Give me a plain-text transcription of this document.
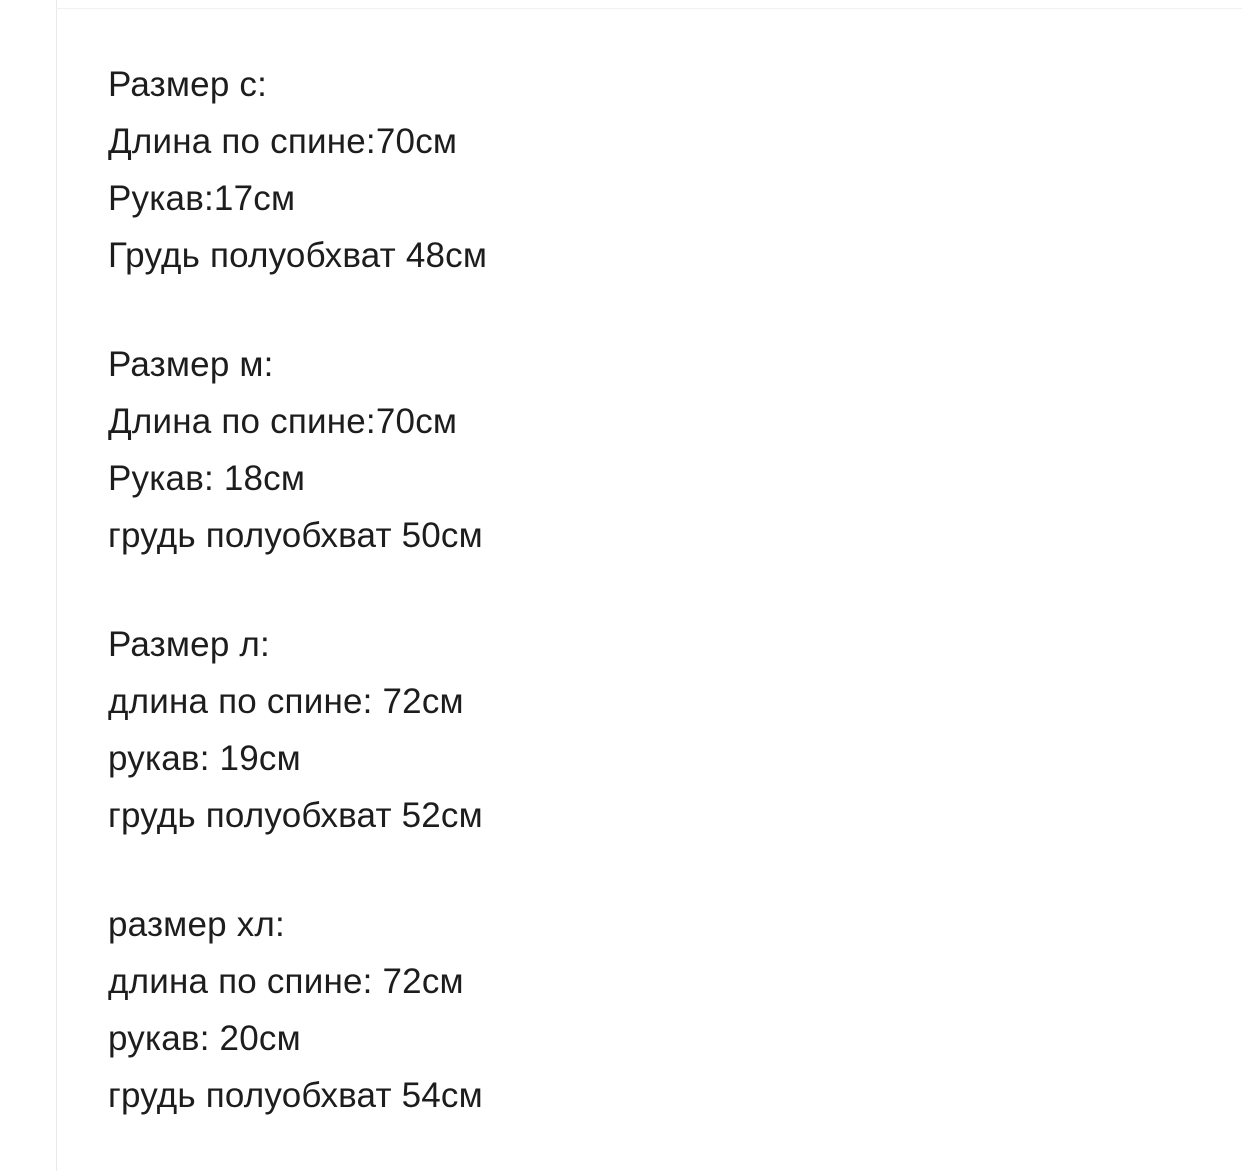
Размер с:
Длина по спине:70см
Рукав:17см
Грудь полуобхват 48см
Размер м:
Длина по спине:70см
Рукав: 18см
грудь полуобхват 50см
Размер л:
длина по спине: 72см
рукав: 19см
грудь полуобхват 52см
размер хл:
длина по спине: 72см
рукав: 20см
грудь полуобхват 54см
